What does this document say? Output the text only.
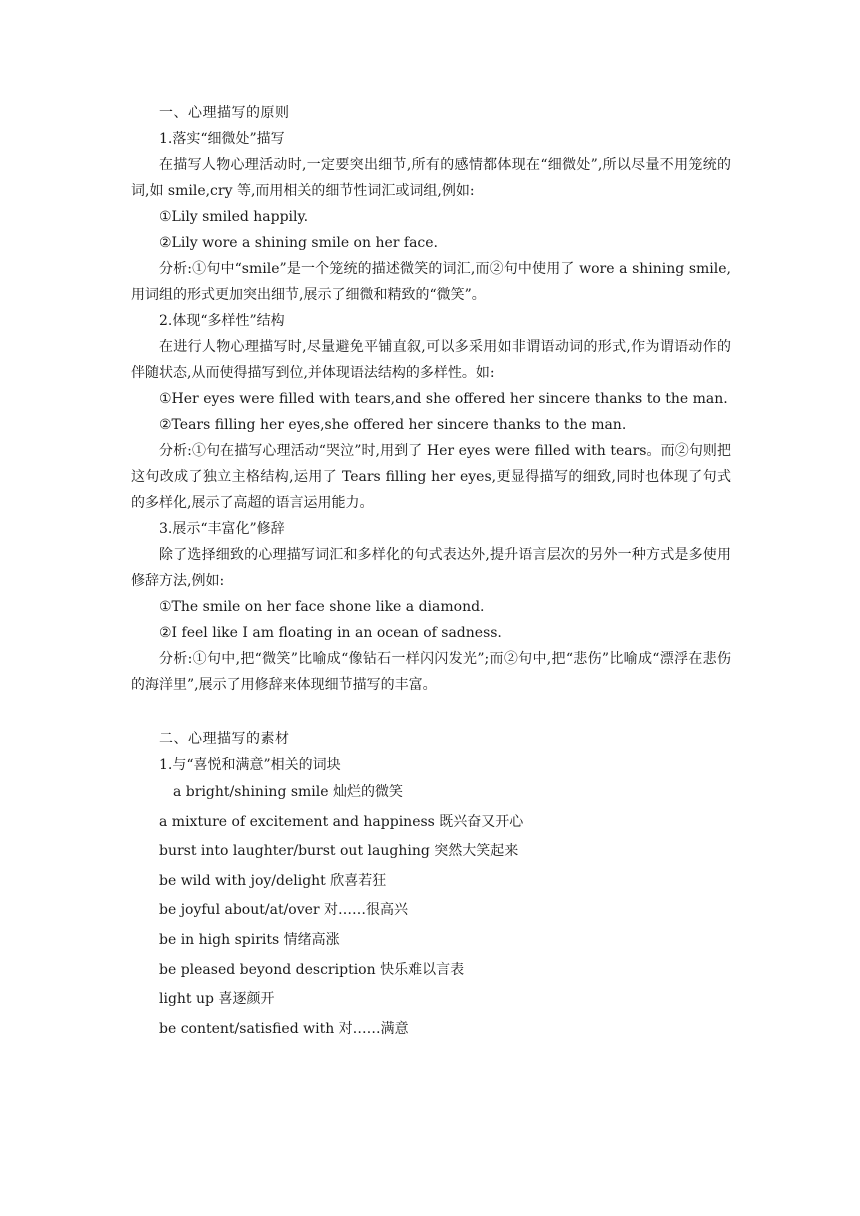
一、心理描写的原则
1.落实“细微处”描写
在描写人物心理活动时,一定要突出细节,所有的感情都体现在“细微处”,所以尽量不用笼统的词,如 smile,cry 等,而用相关的细节性词汇或词组,例如:
①Lily smiled happily.
②Lily wore a shining smile on her face.
分析:①句中“smile”是一个笼统的描述微笑的词汇,而②句中使用了 wore a shining smile,用词组的形式更加突出细节,展示了细微和精致的“微笑”。
2.体现“多样性”结构
在进行人物心理描写时,尽量避免平铺直叙,可以多采用如非谓语动词的形式,作为谓语动作的伴随状态,从而使得描写到位,并体现语法结构的多样性。如:
①Her eyes were filled with tears,and she offered her sincere thanks to the man.
②Tears filling her eyes,she offered her sincere thanks to the man.
分析:①句在描写心理活动“哭泣”时,用到了 Her eyes were filled with tears。而②句则把这句改成了独立主格结构,运用了 Tears filling her eyes,更显得描写的细致,同时也体现了句式的多样化,展示了高超的语言运用能力。
3.展示“丰富化”修辞
除了选择细致的心理描写词汇和多样化的句式表达外,提升语言层次的另外一种方式是多使用修辞方法,例如:
①The smile on her face shone like a diamond.
②I feel like I am floating in an ocean of sadness.
分析:①句中,把“微笑”比喻成“像钻石一样闪闪发光”;而②句中,把“悲伤”比喻成“漂浮在悲伤的海洋里”,展示了用修辞来体现细节描写的丰富。
二、心理描写的素材
1.与“喜悦和满意”相关的词块
a bright/shining smile 灿烂的微笑
a mixture of excitement and happiness 既兴奋又开心
burst into laughter/burst out laughing 突然大笑起来
be wild with joy/delight 欣喜若狂
be joyful about/at/over 对……很高兴
be in high spirits 情绪高涨
be pleased beyond description 快乐难以言表
light up 喜逐颜开
be content/satisfied with 对……满意
